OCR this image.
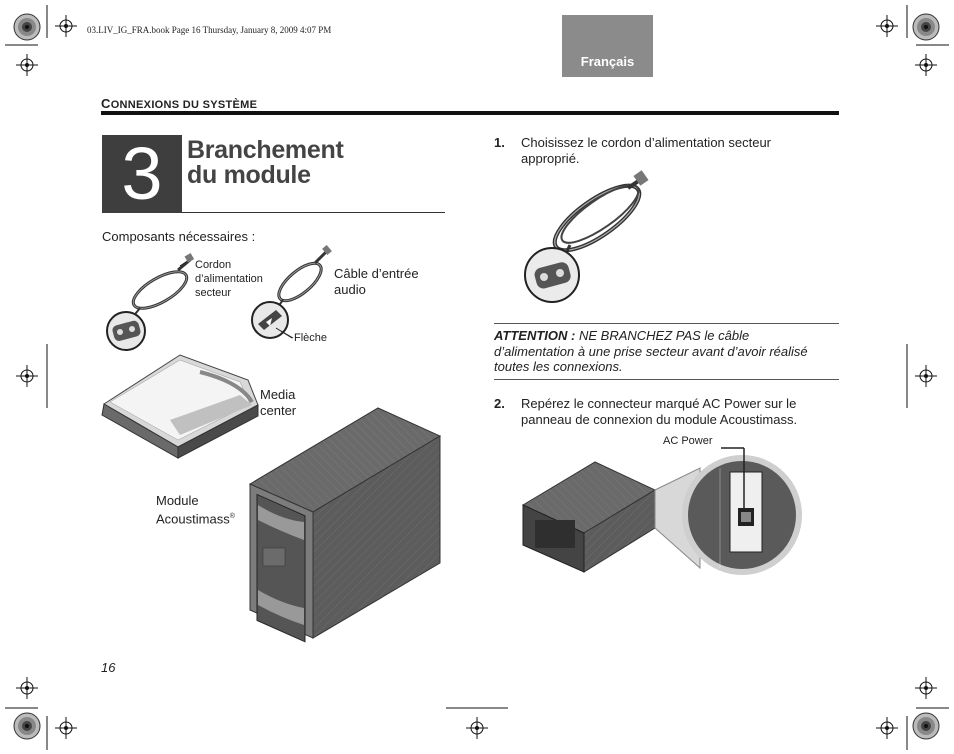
03.LIV_IG_FRA.book Page 16 Thursday, January 8, 2009 4:07 PM
Français
CONNEXIONS DU SYSTÈME
3 Branchement
du module
Composants nécessaires :
Cordon
d’alimentation
secteur
Câble d’entrée
audio
Flèche
Media
center
Module
Acoustimass®
1. Choisissez le cordon d’alimentation secteur
approprié.
ATTENTION : NE BRANCHEZ PAS le câble
d’alimentation à une prise secteur avant d’avoir réalisé
toutes les connexions.
2. Repérez le connecteur marqué AC Power sur le
panneau de connexion du module Acoustimass.
AC Power
16
